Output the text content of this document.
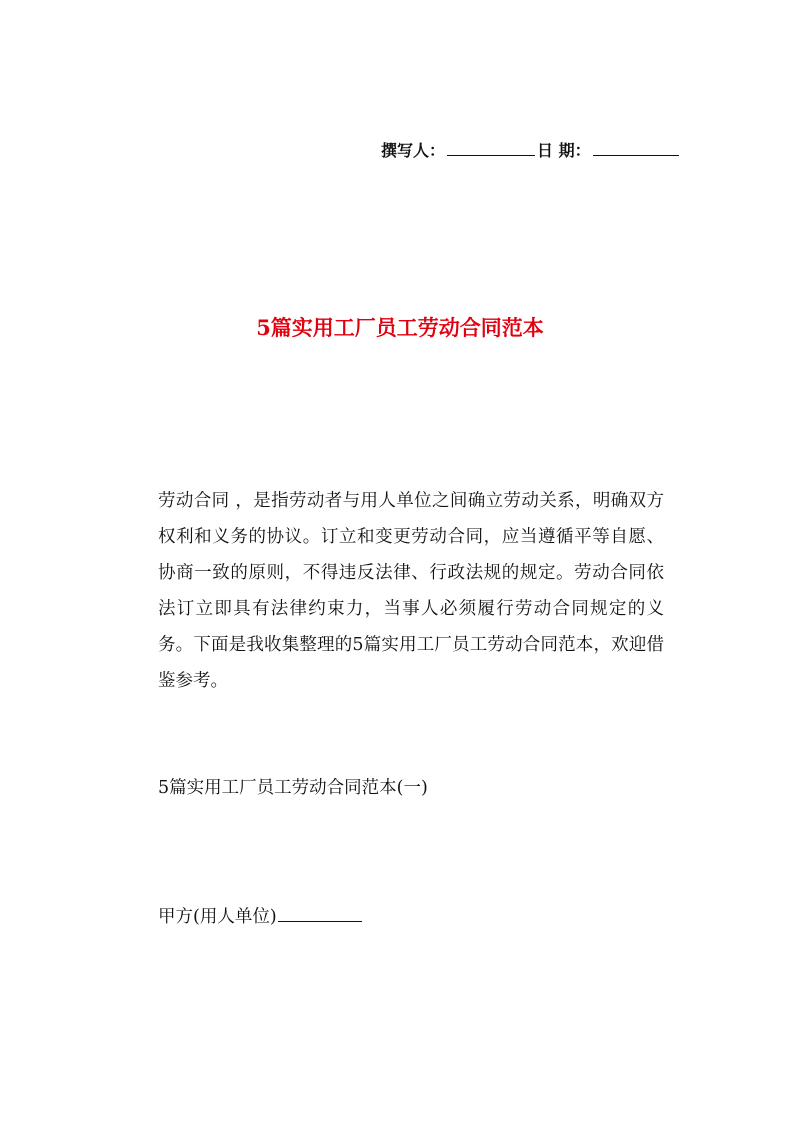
撰写人：	日 期：
5篇实用工厂员工劳动合同范本

劳动合同 ，是指劳动者与用人单位之间确立劳动关系，明确双方权利和义务的协议。订立和变更劳动合同，应当遵循平等自愿、协商一致的原则，不得违反法律、行政法规的规定。劳动合同依法订立即具有法律约束力，当事人必须履行劳动合同规定的义务。下面是我收集整理的5篇实用工厂员工劳动合同范本，欢迎借鉴参考。

5篇实用工厂员工劳动合同范本(一)
甲方(用人单位)
